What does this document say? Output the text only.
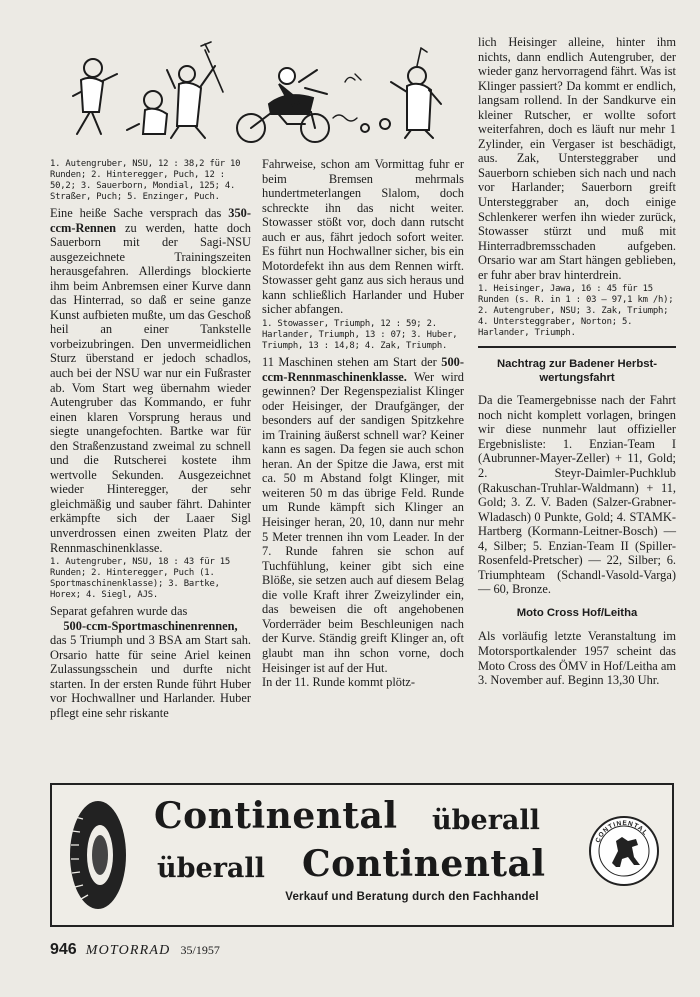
1. Autengruber, NSU, 12 : 38,2 für 10 Runden; 2. Hinteregger, Puch, 12 : 50,2; 3. Sauerborn, Mondial, 125; 4. Straßer, Puch; 5. Enzinger, Puch.

Eine heiße Sache versprach das 350-ccm-Rennen zu werden, hatte doch Sauerborn mit der Sagi-NSU ausgezeichnete Trainingszeiten herausgefahren. Allerdings blockierte ihm beim Anbremsen einer Kurve dann das Hinterrad, so daß er seine ganze Kunst aufbieten mußte, um das Geschoß heil an einer Tankstelle vorbeizubringen. Den unvermeidlichen Sturz überstand er jedoch schadlos, auch bei der NSU war nur ein Fußraster ab. Vom Start weg übernahm wieder Autengruber das Kommando, er fuhr einen klaren Vorsprung heraus und siegte unangefochten. Bartke war für den Straßenzustand zweimal zu schnell und die Rutscherei kostete ihm wertvolle Sekunden. Ausgezeichnet wieder Hinteregger, der sehr gleichmäßig und sauber fährt. Dahinter erkämpfte sich der Laaer Sigl unverdrossen einen zweiten Platz der Rennmaschinenklasse.

1. Autengruber, NSU, 18 : 43 für 15 Runden; 2. Hinteregger, Puch (1. Sportmaschinenklasse); 3. Bartke, Horex; 4. Siegl, AJS.

Separat gefahren wurde das
500-ccm-Sportmaschinenrennen,
das 5 Triumph und 3 BSA am Start sah. Orsario hatte für seine Ariel keinen Zulassungsschein und durfte nicht starten. In der ersten Runde führt Huber vor Hochwallner und Harlander. Huber pflegt eine sehr riskante

Fahrweise, schon am Vormittag fuhr er beim Bremsen mehrmals hundertmeterlangen Slalom, doch schreckte ihn das nicht weiter. Stowasser stößt vor, doch dann rutscht auch er aus, fährt jedoch sofort weiter. Es führt nun Hochwallner sicher, bis ein Motordefekt ihn aus dem Rennen wirft. Stowasser geht ganz aus sich heraus und kann schließlich Harlander und Huber sicher abfangen.

1. Stowasser, Triumph, 12 : 59; 2. Harlander, Triumph, 13 : 07; 3. Huber, Triumph, 13 : 14,8; 4. Zak, Triumph.

11 Maschinen stehen am Start der 500-ccm-Rennmaschinenklasse. Wer wird gewinnen? Der Regenspezialist Klinger oder Heisinger, der Draufgänger, der besonders auf der sandigen Spitzkehre im Training äußerst schnell war? Keiner kann es sagen. Da fegen sie auch schon heran. An der Spitze die Jawa, erst mit ca. 50 m Abstand folgt Klinger, mit weiteren 50 m das übrige Feld. Runde um Runde kämpft sich Klinger an Heisinger heran, 20, 10, dann nur mehr 5 Meter trennen ihn vom Leader. In der 7. Runde fahren sie schon auf Tuchfühlung, keiner gibt sich eine Blöße, sie setzen auch auf diesem Belag die volle Kraft ihrer Zweizylinder ein, das beweisen die oft angehobenen Vorderräder beim Beschleunigen nach der Kurve. Ständig greift Klinger an, oft glaubt man ihn schon vorne, doch Heisinger ist auf der Hut.

In der 11. Runde kommt plötz-

lich Heisinger alleine, hinter ihm nichts, dann endlich Autengruber, der wieder ganz hervorragend fährt. Was ist Klinger passiert? Da kommt er endlich, langsam rollend. In der Sandkurve ein kleiner Rutscher, er wollte sofort weiterfahren, doch es läuft nur mehr 1 Zylinder, ein Vergaser ist beschädigt, aus. Zak, Untersteggraber und Sauerborn schieben sich nach und nach vor Harlander; Sauerborn greift Untersteggraber an, doch einige Schlenkerer werfen ihn wieder zurück, Stowasser stürzt und muß mit Hinterradbremsschaden aufgeben. Orsario war am Start hängen geblieben, er fuhr aber brav hinterdrein.

1. Heisinger, Jawa, 16 : 45 für 15 Runden (s. R. in 1 : 03 — 97,1 km /h); 2. Autengruber, NSU; 3. Zak, Triumph; 4. Untersteggraber, Norton; 5. Harlander, Triumph.

Nachtrag zur Badener Herbst-
wertungsfahrt

Da die Teamergebnisse nach der Fahrt noch nicht komplett vorlagen, bringen wir diese nunmehr laut offizieller Ergebnisliste: 1. Enzian-Team I (Aubrunner-Mayer-Zeller) + 11, Gold; 2. Steyr-Daimler-Puchklub (Rakuschan-Truhlar-Waldmann) + 11, Gold; 3. Z. V. Baden (Salzer-Grabner-Wladasch) 0 Punkte, Gold; 4. STAMK-Hartberg (Kormann-Leitner-Bosch) — 4, Silber; 5. Enzian-Team II (Spiller-Rosenfeld-Pretscher) — 22, Silber; 6. Triumphteam (Schandl-Vasold-Varga) — 60, Bronze.

Moto Cross Hof/Leitha

Als vorläufig letzte Veranstaltung im Motorsportkalender 1957 scheint das Moto Cross des ÖMV in Hof/Leitha am 3. November auf. Beginn 13,30 Uhr.

Continental überall
überall Continental
Verkauf und Beratung durch den Fachhandel
CONTINENTAL
946 MOTORRAD 35/1957
